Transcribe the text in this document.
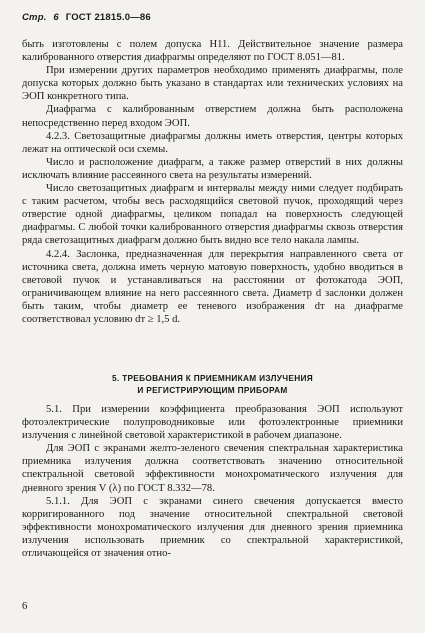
Стр. 6 ГОСТ 21815.0—86

быть изготовлены с полем допуска H11. Действительное значение размера калиброванного отверстия диафрагмы определяют по ГОСТ 8.051—81.

При измерении других параметров необходимо применять диафрагмы, поле допуска которых должно быть указано в стандартах или технических условиях на ЭОП конкретного типа.

Диафрагма с калиброванным отверстием должна быть расположена непосредственно перед входом ЭОП.

4.2.3. Светозащитные диафрагмы должны иметь отверстия, центры которых лежат на оптической оси схемы.

Число и расположение диафрагм, а также размер отверстий в них должны исключать влияние рассеянного света на результаты измерений.

Число светозащитных диафрагм и интервалы между ними следует подбирать с таким расчетом, чтобы весь расходящийся световой пучок, проходящий через отверстие одной диафрагмы, целиком попадал на поверхность следующей диафрагмы. С любой точки калиброванного отверстия диафрагмы сквозь отверстия ряда светозащитных диафрагм должно быть видно все тело накала лампы.

4.2.4. Заслонка, предназначенная для перекрытия направленного света от источника света, должна иметь черную матовую поверхность, удобно вводиться в световой пучок и устанавливаться на расстоянии от фотокатода ЭОП, ограничивающем влияние на него рассеянного света. Диаметр d заслонки должен быть таким, чтобы диаметр ее теневого изображения dт на диафрагме соответствовал условию dт ≥ 1,5 d.

5. ТРЕБОВАНИЯ К ПРИЕМНИКАМ ИЗЛУЧЕНИЯ
И РЕГИСТРИРУЮЩИМ ПРИБОРАМ

5.1. При измерении коэффициента преобразования ЭОП используют фотоэлектрические полупроводниковые или фотоэлектронные приемники излучения с линейной световой характеристикой в рабочем диапазоне.

Для ЭОП с экранами желто-зеленого свечения спектральная характеристика приемника излучения должна соответствовать значению относительной спектральной световой эффективности монохроматического излучения для дневного зрения V (λ) по ГОСТ 8.332—78.

5.1.1. Для ЭОП с экранами синего свечения допускается вместо корригированного под значение относительной спектральной световой эффективности монохроматического излучения для дневного зрения приемника излучения использовать приемник со спектральной характеристикой, отличающейся от значения отно-

6
